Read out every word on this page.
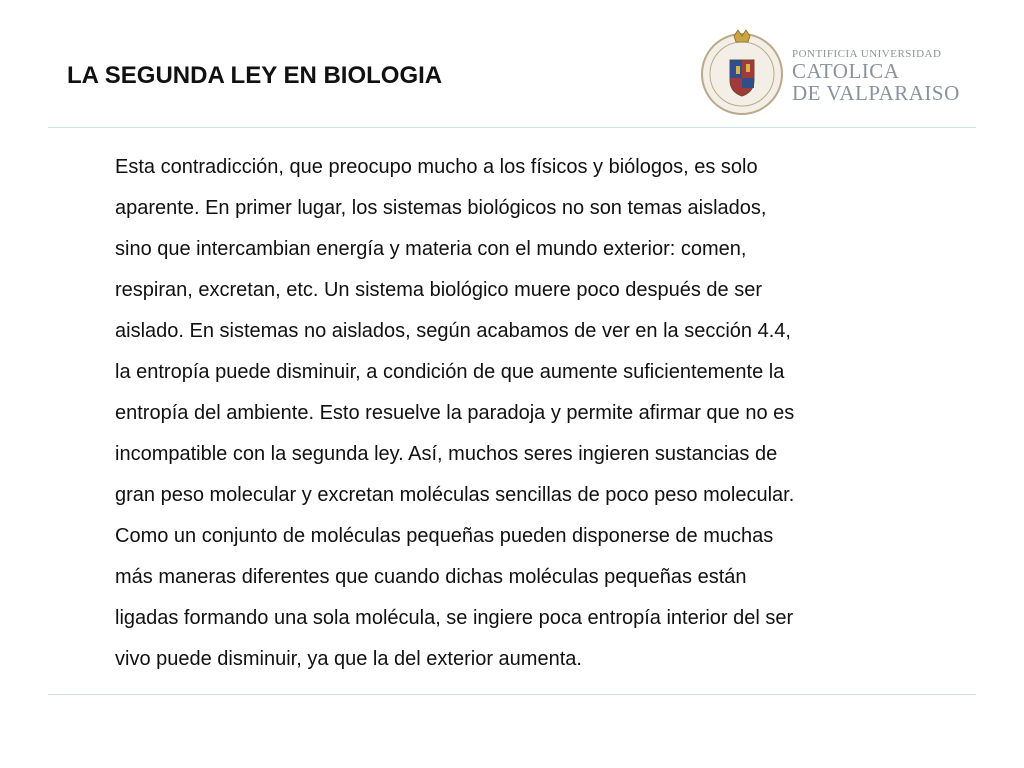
LA SEGUNDA LEY EN BIOLOGIA
PONTIFICIA UNIVERSIDAD
CATOLICA
DE VALPARAISO

Esta contradicción, que preocupo mucho a los físicos y biólogos, es solo
aparente. En primer lugar, los sistemas biológicos no son temas aislados,
sino que intercambian energía y materia con el mundo exterior: comen,
respiran, excretan, etc. Un sistema biológico muere poco después de ser
aislado. En sistemas no aislados, según acabamos de ver en la sección 4.4,
la entropía puede disminuir, a condición de que aumente suficientemente la
entropía del ambiente. Esto resuelve la paradoja y permite afirmar que no es
incompatible con la segunda ley. Así, muchos seres ingieren sustancias de
gran peso molecular y excretan moléculas sencillas de poco peso molecular.
Como un conjunto de moléculas pequeñas pueden disponerse de muchas
más maneras diferentes que cuando dichas moléculas pequeñas están
ligadas formando una sola molécula, se ingiere poca entropía interior del ser
vivo puede disminuir, ya que la del exterior aumenta.
